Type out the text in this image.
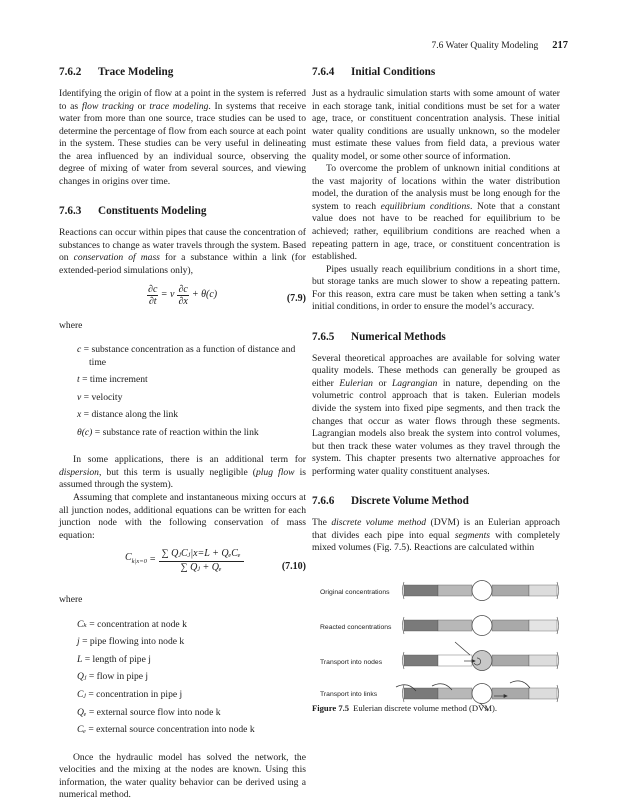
7.6 Water Quality Modeling 217
7.6.2 Trace Modeling

Identifying the origin of flow at a point in the system is referred to as flow tracking or trace modeling. In systems that receive water from more than one source, trace studies can be used to determine the percentage of flow from each source at each point in the system. These studies can be very useful in delineating the area influenced by an individual source, observing the degree of mixing of water from several sources, and viewing changes in origins over time.

7.6.3 Constituents Modeling

Reactions can occur within pipes that cause the concentration of substances to change as water travels through the system. Based on conservation of mass for a substance within a link (for extended-period simulations only),

$\frac{\partial c}{\partial t} = v \frac{\partial c}{\partial x} + \theta(c)$	(7.9)

where

c = substance concentration as a function of distance and time
t = time increment
v = velocity
x = distance along the link
θ(c) = substance rate of reaction within the link

In some applications, there is an additional term for dispersion, but this term is usually negligible (plug flow is assumed through the system).

Assuming that complete and instantaneous mixing occurs at all junction nodes, additional equations can be written for each junction node with the following conservation of mass equation:

$C_{k|x=0} = \frac{\text{∑ QⱼCⱼ|x=L + QₑCₑ}}{\text{∑ Qⱼ + Qₑ}}$	(7.10)

where

Cₖ = concentration at node k
j = pipe flowing into node k
L = length of pipe j
Qⱼ = flow in pipe j
Cⱼ = concentration in pipe j
Qₑ = external source flow into node k
Cₑ = external source concentration into node k

Once the hydraulic model has solved the network, the velocities and the mixing at the nodes are known. Using this information, the water quality behavior can be derived using a numerical method.

7.6.4 Initial Conditions

Just as a hydraulic simulation starts with some amount of water in each storage tank, initial conditions must be set for a water age, trace, or constituent concentration analysis. These initial water quality conditions are usually unknown, so the modeler must estimate these values from field data, a previous water quality model, or some other source of information.

To overcome the problem of unknown initial conditions at the vast majority of locations within the water distribution model, the duration of the analysis must be long enough for the system to reach equilibrium conditions. Note that a constant value does not have to be reached for equilibrium to be achieved; rather, equilibrium conditions are reached when a repeating pattern in age, trace, or constituent concentration is established.

Pipes usually reach equilibrium conditions in a short time, but storage tanks are much slower to show a repeating pattern. For this reason, extra care must be taken when setting a tank’s initial conditions, in order to ensure the model’s accuracy.

7.6.5 Numerical Methods

Several theoretical approaches are available for solving water quality models. These methods can generally be grouped as either Eulerian or Lagrangian in nature, depending on the volumetric control approach that is taken. Eulerian models divide the system into fixed pipe segments, and then track the changes that occur as water flows through these segments. Lagrangian models also break the system into control volumes, but then track these water volumes as they travel through the system. This chapter presents two alternative approaches for performing water quality constituent analyses.

7.6.6 Discrete Volume Method

The discrete volume method (DVM) is an Eulerian approach that divides each pipe into equal segments with completely mixed volumes (Fig. 7.5). Reactions are calculated within

Original concentrations
Reacted concentrations
Transport into nodes
Transport into links
Figure 7.5 Eulerian discrete volume method (DVM).
